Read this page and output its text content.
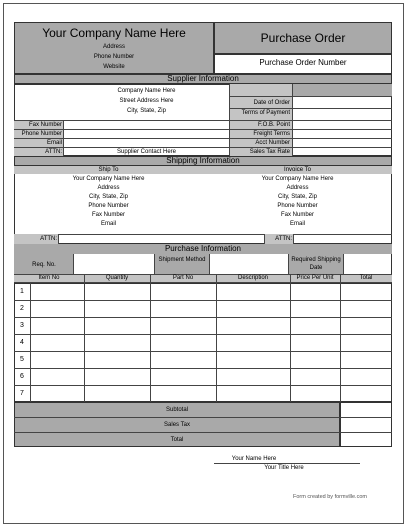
Your Company Name Here
Address
Phone Number
Website
Purchase Order
Purchase Order Number
Supplier Information
Company Name Here
Street Address Here
City, State, Zip
Fax Number
Phone Number
Email
ATTN:	Supplier Contact Here
Date of Order
Terms of Payment
F.O.B. Point
Freight Terms
Acct Number
Sales Tax Rate
Shipping Information
Ship To	Invoice To
Your Company Name Here
Address
City, State, Zip
Phone Number
Fax Number
Email
Your Company Name Here
Address
City, State, Zip
Phone Number
Fax Number
Email
ATTN:	ATTN:
Purchase Information
Req. No.
Shipment Method	Required Shipping Date
Item No	Quantity	Part No	Description	Price Per Unit	Total
1
2
3
4
5
6
7
Subtotal
Sales Tax
Total
Your Name Here
Your Title Here
Form created by formville.com
